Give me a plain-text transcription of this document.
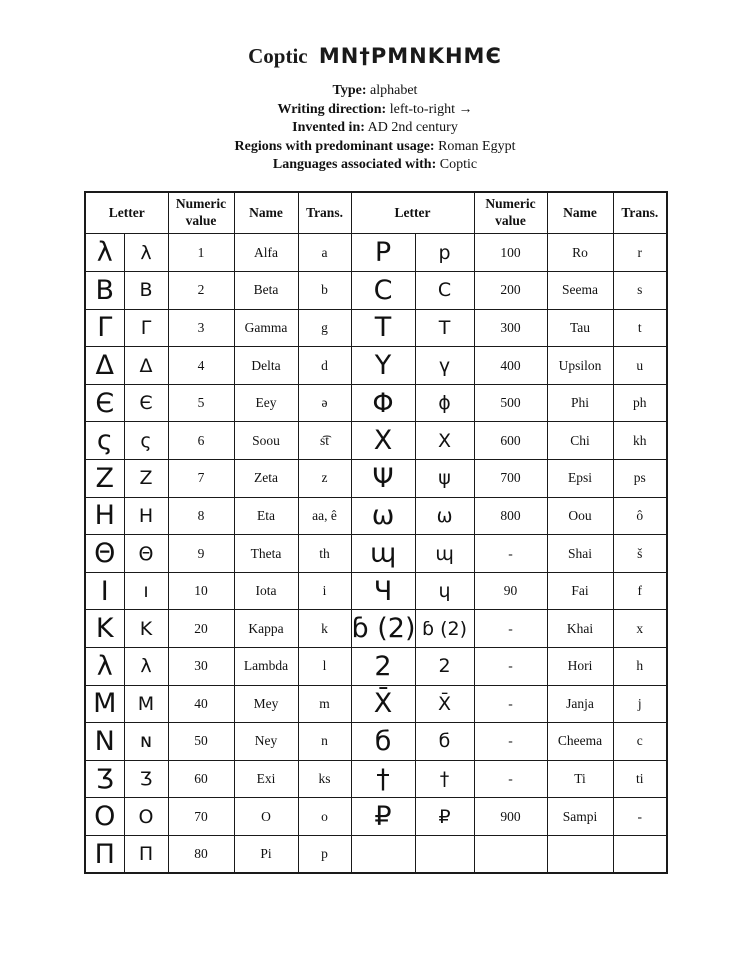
Coptic MN†PMNKHMЄ
Type: alphabet
Writing direction: left-to-right →
Invented in: AD 2nd century
Regions with predominant usage: Roman Egypt
Languages associated with: Coptic
Letter		Numeric value	Name	Trans.	Letter		Numeric value	Name	Trans.
λ	λ	1	Alfa	a	P	p	100	Ro	r
B	B	2	Beta	b	C	C	200	Seema	s
Γ	Γ	3	Gamma	g	T	T	300	Tau	t
Δ	Δ	4	Delta	d	Y	ү	400	Upsilon	u
Є	Є	5	Eey	ə	Φ	ϕ	500	Phi	ph
ς	ς	6	Soou	s͡t	X	X	600	Chi	kh
Z	Z	7	Zeta	z	Ψ	ψ	700	Epsi	ps
H	H	8	Eta	aa, ê	ω	ω	800	Oou	ô
Θ	Θ	9	Theta	th	ɰ	ɰ	-	Shai	š
I	ı	10	Iota	i	Ч	ɥ	90	Fai	f
K	K	20	Kappa	k	ɓ (2)	ɓ (2)	-	Khai	x
λ	λ	30	Lambda	l	2	2	-	Hori	h
M	M	40	Mey	m	X̄	X̄	-	Janja	j
N	ɴ	50	Ney	n	б	б	-	Cheema	c
Ʒ	Ʒ	60	Exi	ks	†	†	-	Ti	ti
O	O	70	O	o	₽	₽	900	Sampi	-
Π	Π	80	Pi	p					
